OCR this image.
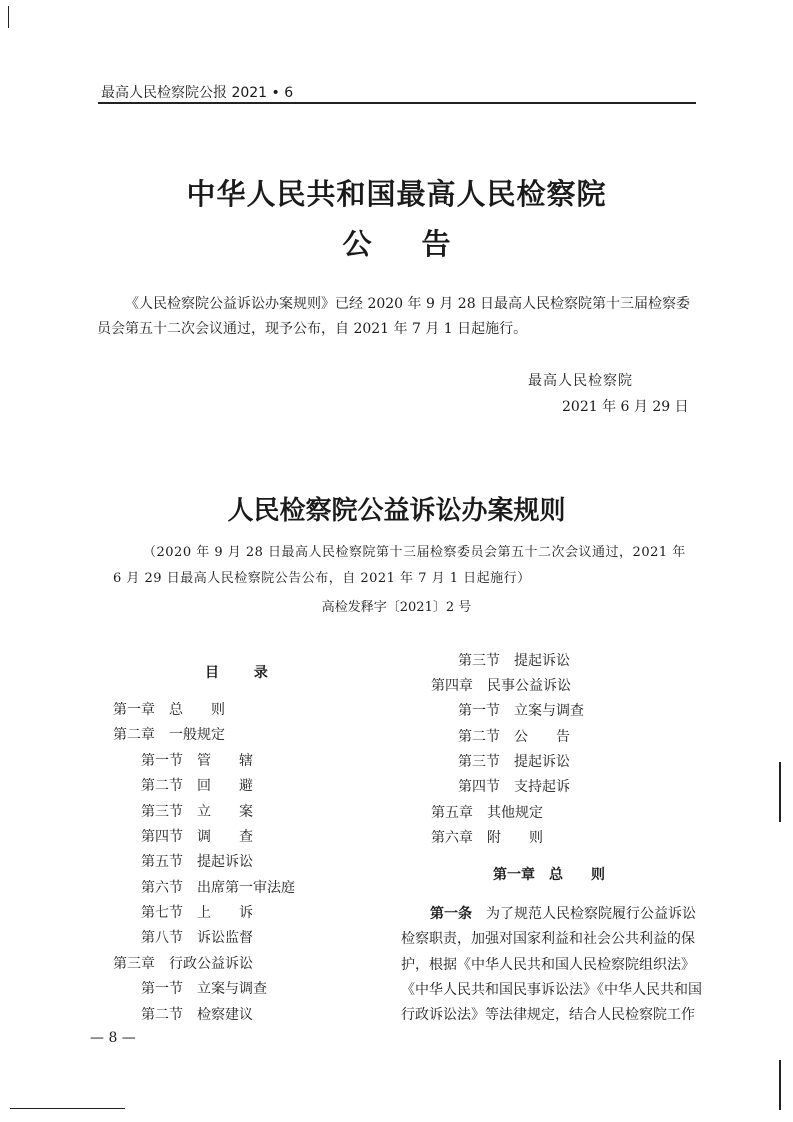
最高人民检察院公报 2021 • 6
中华人民共和国最高人民检察院
公 告
《人民检察院公益诉讼办案规则》已经 2020 年 9 月 28 日最高人民检察院第十三届检察委员会第五十二次会议通过，现予公布，自 2021 年 7 月 1 日起施行。
最高人民检察院
2021 年 6 月 29 日
人民检察院公益诉讼办案规则
（2020 年 9 月 28 日最高人民检察院第十三届检察委员会第五十二次会议通过，2021 年 6 月 29 日最高人民检察院公告公布，自 2021 年 7 月 1 日起施行）
高检发释字〔2021〕2 号
目 录
第一章　总　　则
第二章　一般规定
第一节　管　　辖
第二节　回　　避
第三节　立　　案
第四节　调　　查
第五节　提起诉讼
第六节　出席第一审法庭
第七节　上　　诉
第八节　诉讼监督
第三章　行政公益诉讼
第一节　立案与调查
第二节　检察建议
第三节　提起诉讼
第四章　民事公益诉讼
第一节　立案与调查
第二节　公　　告
第三节　提起诉讼
第四节　支持起诉
第五章　其他规定
第六章　附　　则
第一章　总　　则
第一条 为了规范人民检察院履行公益诉讼
检察职责，加强对国家利益和社会公共利益的保
护，根据《中华人民共和国人民检察院组织法》
《中华人民共和国民事诉讼法》《中华人民共和国
行政诉讼法》等法律规定，结合人民检察院工作
— 8 —
